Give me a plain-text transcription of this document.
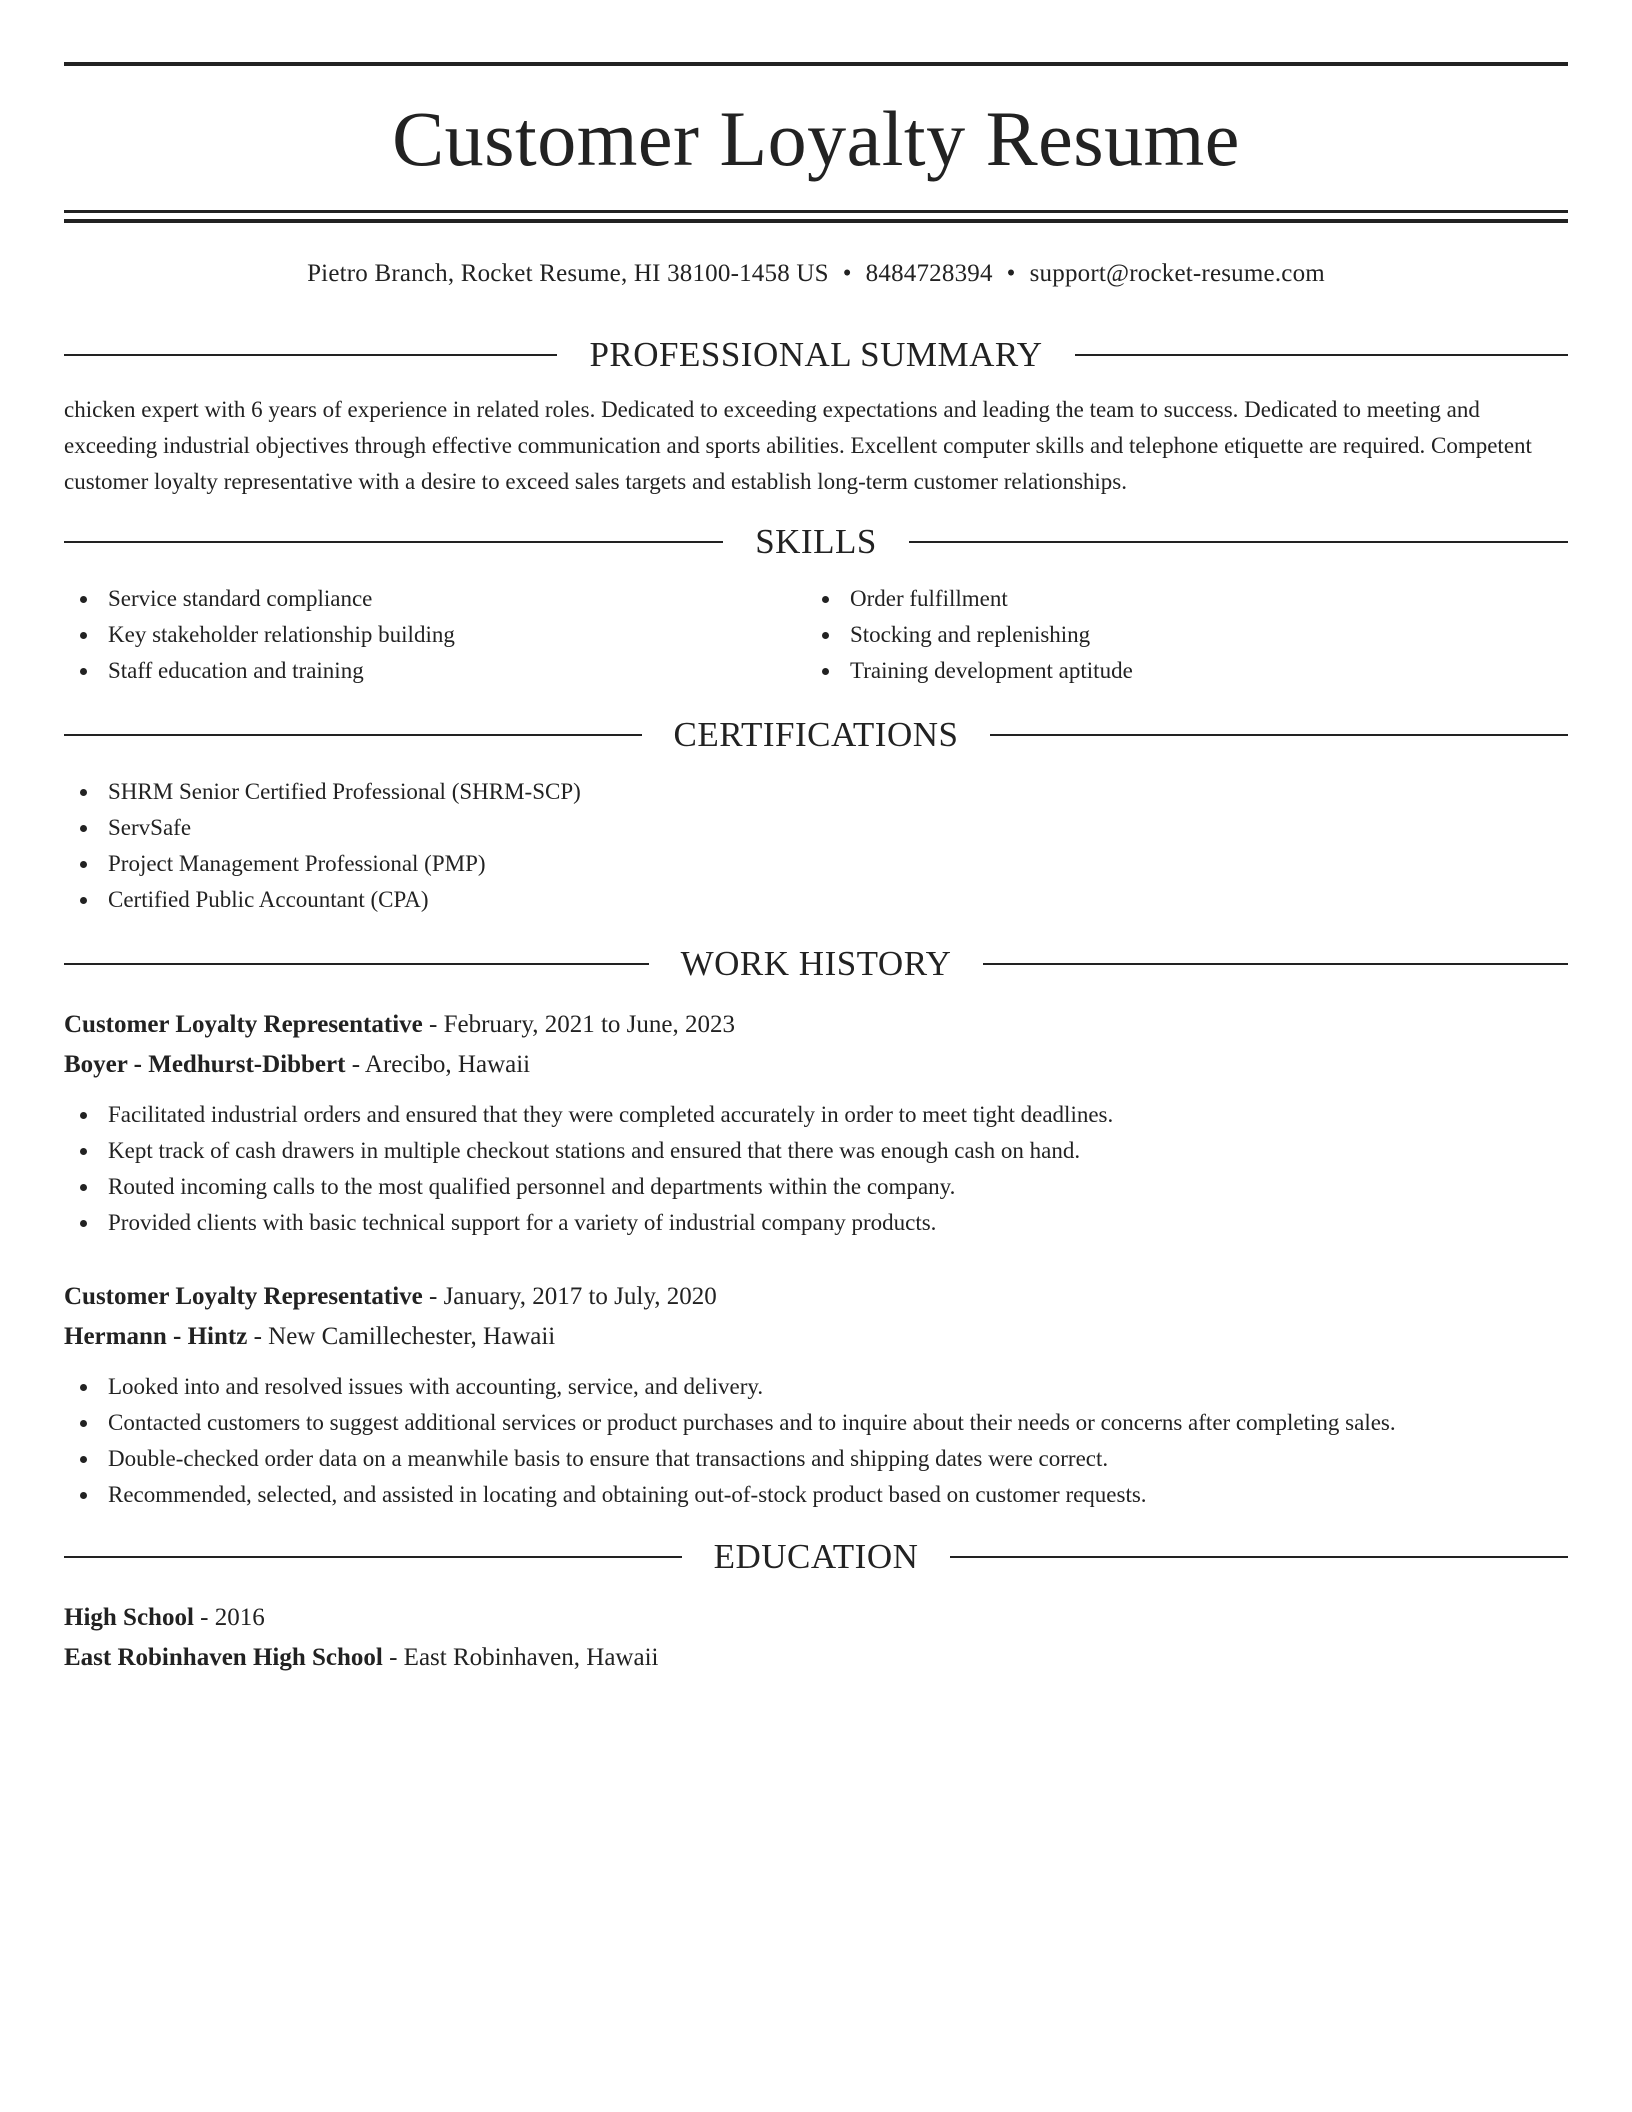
Customer Loyalty Resume
Pietro Branch, Rocket Resume, HI 38100-1458 US • 8484728394 • support@rocket-resume.com
PROFESSIONAL SUMMARY

chicken expert with 6 years of experience in related roles. Dedicated to exceeding expectations and leading the team to success. Dedicated to meeting and exceeding industrial objectives through effective communication and sports abilities. Excellent computer skills and telephone etiquette are required. Competent customer loyalty representative with a desire to exceed sales targets and establish long-term customer relationships.

SKILLS
Service standard compliance
Key stakeholder relationship building
Staff education and training
Order fulfillment
Stocking and replenishing
Training development aptitude
CERTIFICATIONS
SHRM Senior Certified Professional (SHRM-SCP)
ServSafe
Project Management Professional (PMP)
Certified Public Accountant (CPA)
WORK HISTORY
Customer Loyalty Representative - February, 2021 to June, 2023
Boyer - Medhurst-Dibbert - Arecibo, Hawaii
Facilitated industrial orders and ensured that they were completed accurately in order to meet tight deadlines.
Kept track of cash drawers in multiple checkout stations and ensured that there was enough cash on hand.
Routed incoming calls to the most qualified personnel and departments within the company.
Provided clients with basic technical support for a variety of industrial company products.
Customer Loyalty Representative - January, 2017 to July, 2020
Hermann - Hintz - New Camillechester, Hawaii
Looked into and resolved issues with accounting, service, and delivery.
Contacted customers to suggest additional services or product purchases and to inquire about their needs or concerns after completing sales.
Double-checked order data on a meanwhile basis to ensure that transactions and shipping dates were correct.
Recommended, selected, and assisted in locating and obtaining out-of-stock product based on customer requests.
EDUCATION
High School - 2016
East Robinhaven High School - East Robinhaven, Hawaii
